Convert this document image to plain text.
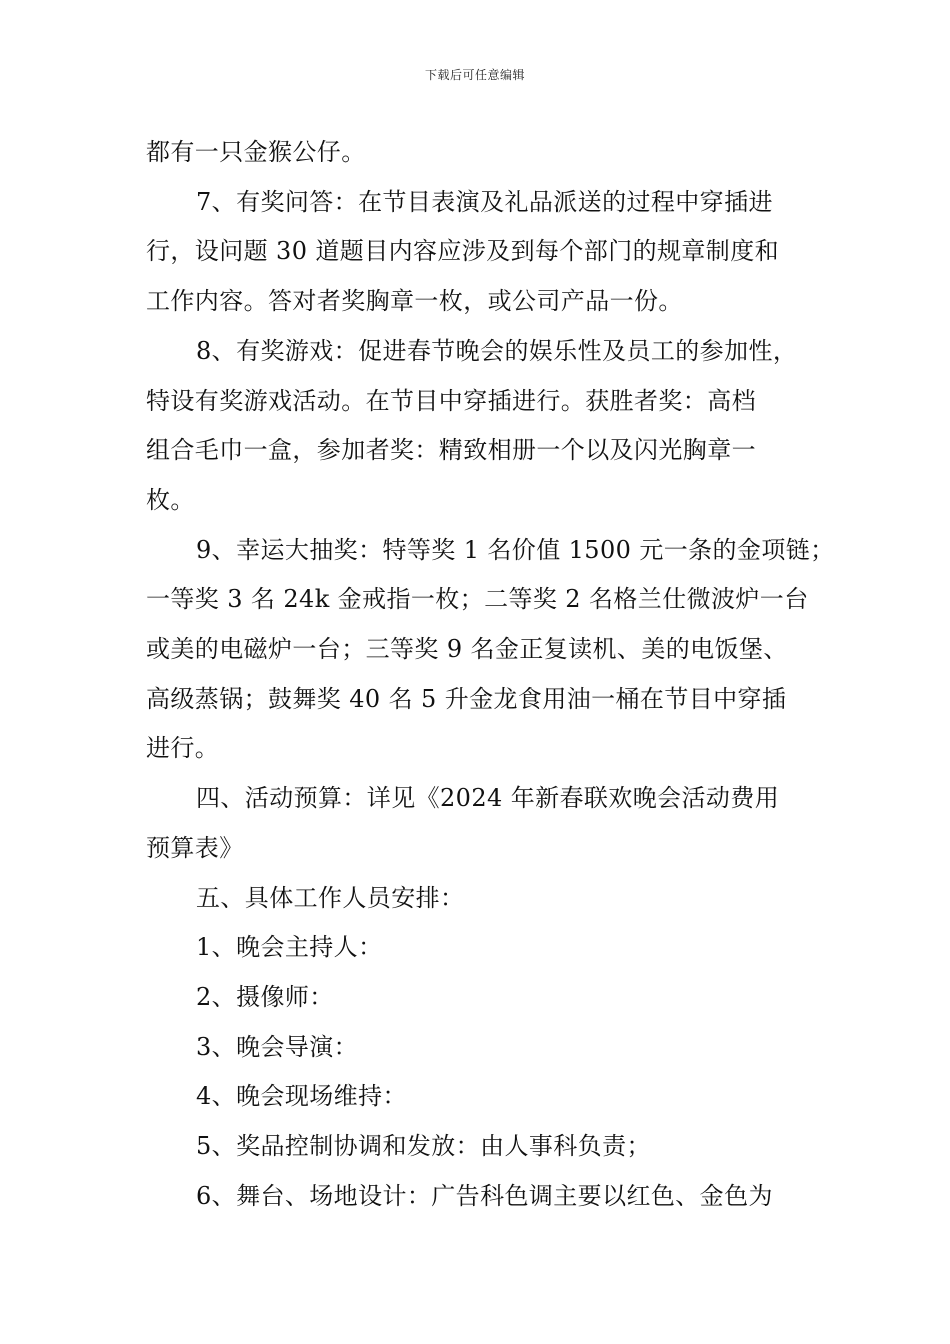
下载后可任意编辑

都有一只金猴公仔。

7、有奖问答：在节目表演及礼品派送的过程中穿插进

行，设问题 30 道题目内容应涉及到每个部门的规章制度和

工作内容。答对者奖胸章一枚，或公司产品一份。

8、有奖游戏：促进春节晚会的娱乐性及员工的参加性，

特设有奖游戏活动。在节目中穿插进行。获胜者奖：高档

组合毛巾一盒，参加者奖：精致相册一个以及闪光胸章一

枚。

9、幸运大抽奖：特等奖 1 名价值 1500 元一条的金项链；

一等奖 3 名 24k 金戒指一枚；二等奖 2 名格兰仕微波炉一台

或美的电磁炉一台；三等奖 9 名金正复读机、美的电饭堡、

高级蒸锅；鼓舞奖 40 名 5 升金龙食用油一桶在节目中穿插

进行。

四、活动预算：详见《2024 年新春联欢晚会活动费用

预算表》

五、具体工作人员安排：

1、晚会主持人：

2、摄像师：

3、晚会导演：

4、晚会现场维持：

5、奖品控制协调和发放：由人事科负责；

6、舞台、场地设计：广告科色调主要以红色、金色为
